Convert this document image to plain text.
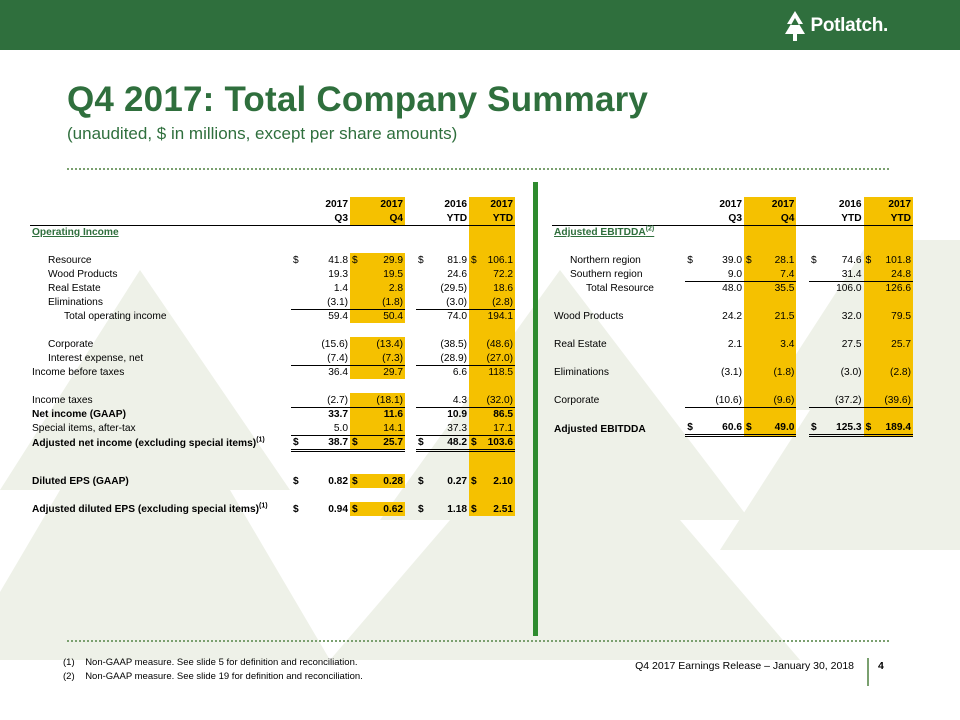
Potlatch.
Q4 2017: Total Company Summary
(unaudited, $ in millions, except per share amounts)
	2017		2017			2016		2017	
	Q3		Q4			YTD		YTD	
Operating Income									

Resource	$	41.8	$	29.9		$	81.9	$	106.1
Wood Products		19.3		19.5			24.6		72.2
Real Estate		1.4		2.8			(29.5)		18.6
Eliminations		(3.1)		(1.8)			(3.0)		(2.8)
Total operating income		59.4		50.4			74.0		194.1

Corporate		(15.6)		(13.4)			(38.5)		(48.6)
Interest expense, net		(7.4)		(7.3)			(28.9)		(27.0)
Income before taxes		36.4		29.7			6.6		118.5

Income taxes		(2.7)		(18.1)			4.3		(32.0)
Net income (GAAP)		33.7		11.6			10.9		86.5
Special items, after-tax		5.0		14.1			37.3		17.1
Adjusted net income (excluding special items)$^{(1)}$	$	38.7	$	25.7		$	48.2	$	103.6

Diluted EPS (GAAP)	$	0.82	$	0.28		$	0.27	$	2.10

Adjusted diluted EPS (excluding special items)$^{(1)}$	$	0.94	$	0.62		$	1.18	$	2.51
	2017		2017			2016		2017	
	Q3		Q4			YTD		YTD	
Adjusted EBITDDA$^{(2)}$					

Northern region	$	39.0	$	28.1		$	74.6	$	101.8
Southern region		9.0		7.4			31.4		24.8
Total Resource		48.0		35.5			106.0		126.6

Wood Products		24.2		21.5			32.0		79.5

Real Estate		2.1		3.4			27.5		25.7

Eliminations		(3.1)		(1.8)			(3.0)		(2.8)

Corporate		(10.6)		(9.6)			(37.2)		(39.6)

Adjusted EBITDDA	$	60.6	$	49.0		$	125.3	$	189.4
(1) Non-GAAP measure. See slide 5 for definition and reconciliation.
(2) Non-GAAP measure. See slide 19 for definition and reconciliation.
Q4 2017 Earnings Release – January 30, 2018 4
